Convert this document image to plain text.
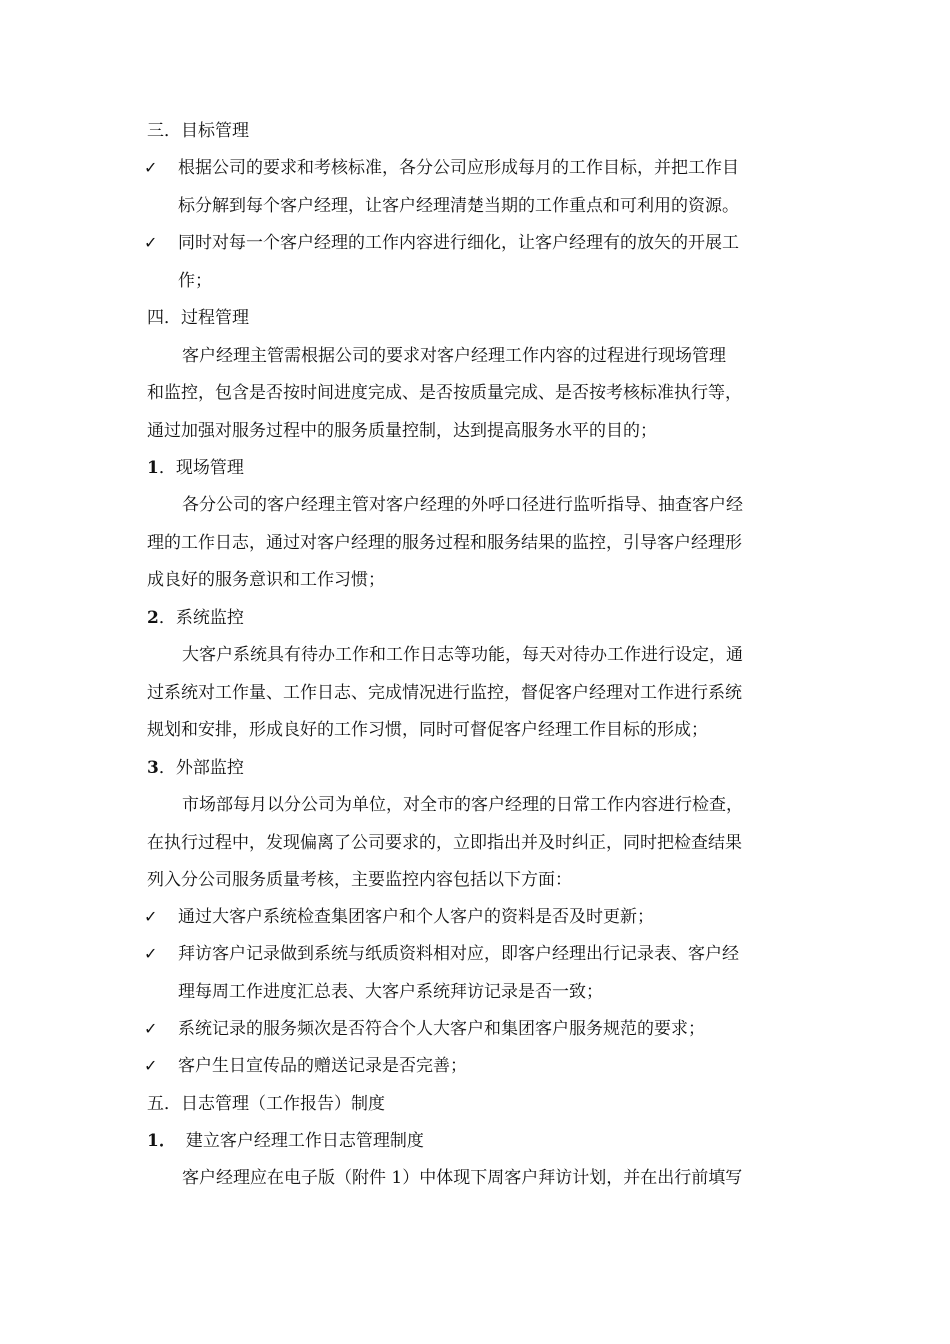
三．目标管理
✓ 根据公司的要求和考核标准，各分公司应形成每月的工作目标，并把工作目
标分解到每个客户经理，让客户经理清楚当期的工作重点和可利用的资源。
✓ 同时对每一个客户经理的工作内容进行细化，让客户经理有的放矢的开展工
作；
四．过程管理
客户经理主管需根据公司的要求对客户经理工作内容的过程进行现场管理
和监控，包含是否按时间进度完成、是否按质量完成、是否按考核标准执行等，
通过加强对服务过程中的服务质量控制，达到提高服务水平的目的；
1．现场管理
各分公司的客户经理主管对客户经理的外呼口径进行监听指导、抽查客户经
理的工作日志，通过对客户经理的服务过程和服务结果的监控，引导客户经理形
成良好的服务意识和工作习惯；
2．系统监控
大客户系统具有待办工作和工作日志等功能，每天对待办工作进行设定，通
过系统对工作量、工作日志、完成情况进行监控，督促客户经理对工作进行系统
规划和安排，形成良好的工作习惯，同时可督促客户经理工作目标的形成；
3．外部监控
市场部每月以分公司为单位，对全市的客户经理的日常工作内容进行检查，
在执行过程中，发现偏离了公司要求的，立即指出并及时纠正，同时把检查结果
列入分公司服务质量考核，主要监控内容包括以下方面：
✓ 通过大客户系统检查集团客户和个人客户的资料是否及时更新；
✓ 拜访客户记录做到系统与纸质资料相对应，即客户经理出行记录表、客户经
理每周工作进度汇总表、大客户系统拜访记录是否一致；
✓ 系统记录的服务频次是否符合个人大客户和集团客户服务规范的要求；
✓ 客户生日宣传品的赠送记录是否完善；
五．日志管理（工作报告）制度
1． 建立客户经理工作日志管理制度
客户经理应在电子版（附件 1）中体现下周客户拜访计划，并在出行前填写
